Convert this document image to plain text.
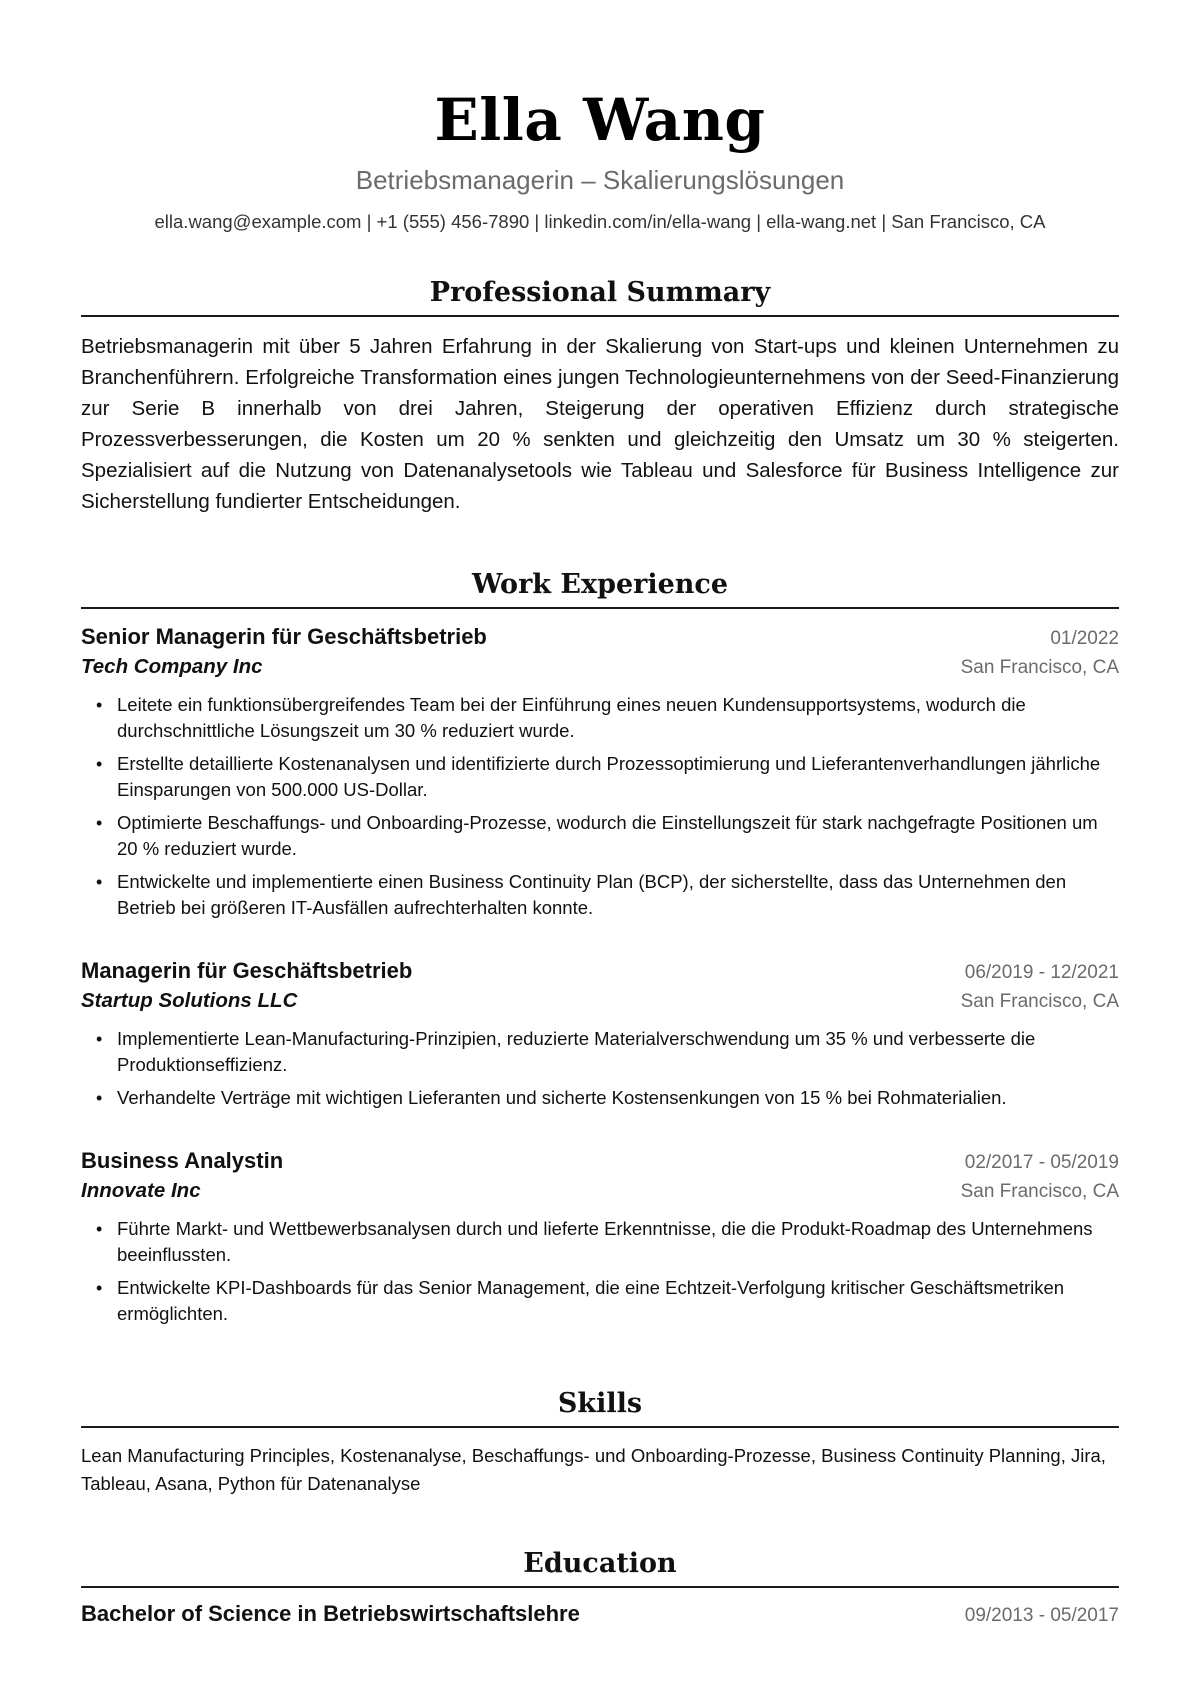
Ella Wang
Betriebsmanagerin – Skalierungslösungen
ella.wang@example.com | +1 (555) 456-7890 | linkedin.com/in/ella-wang | ella-wang.net | San Francisco, CA
Professional Summary

Betriebsmanagerin mit über 5 Jahren Erfahrung in der Skalierung von Start-ups und kleinen Unternehmen zu Branchenführern. Erfolgreiche Transformation eines jungen Technologieunternehmens von der Seed-Finanzierung zur Serie B innerhalb von drei Jahren, Steigerung der operativen Effizienz durch strategische Prozessverbesserungen, die Kosten um 20 % senkten und gleichzeitig den Umsatz um 30 % steigerten. Spezialisiert auf die Nutzung von Datenanalysetools wie Tableau und Salesforce für Business Intelligence zur Sicherstellung fundierter Entscheidungen.

Work Experience
Senior Managerin für Geschäftsbetrieb	01/2022
Tech Company Inc	San Francisco, CA
• Leitete ein funktionsübergreifendes Team bei der Einführung eines neuen Kundensupportsystems, wodurch die durchschnittliche Lösungszeit um 30 % reduziert wurde.
• Erstellte detaillierte Kostenanalysen und identifizierte durch Prozessoptimierung und Lieferantenverhandlungen jährliche Einsparungen von 500.000 US-Dollar.
• Optimierte Beschaffungs- und Onboarding-Prozesse, wodurch die Einstellungszeit für stark nachgefragte Positionen um 20 % reduziert wurde.
• Entwickelte und implementierte einen Business Continuity Plan (BCP), der sicherstellte, dass das Unternehmen den Betrieb bei größeren IT-Ausfällen aufrechterhalten konnte.
Managerin für Geschäftsbetrieb	06/2019 - 12/2021
Startup Solutions LLC	San Francisco, CA
• Implementierte Lean-Manufacturing-Prinzipien, reduzierte Materialverschwendung um 35 % und verbesserte die Produktionseffizienz.
• Verhandelte Verträge mit wichtigen Lieferanten und sicherte Kostensenkungen von 15 % bei Rohmaterialien.
Business Analystin	02/2017 - 05/2019
Innovate Inc	San Francisco, CA
• Führte Markt- und Wettbewerbsanalysen durch und lieferte Erkenntnisse, die die Produkt-Roadmap des Unternehmens beeinflussten.
• Entwickelte KPI-Dashboards für das Senior Management, die eine Echtzeit-Verfolgung kritischer Geschäftsmetriken ermöglichten.
Skills

Lean Manufacturing Principles, Kostenanalyse, Beschaffungs- und Onboarding-Prozesse, Business Continuity Planning, Jira, Tableau, Asana, Python für Datenanalyse

Education
Bachelor of Science in Betriebswirtschaftslehre	09/2013 - 05/2017
